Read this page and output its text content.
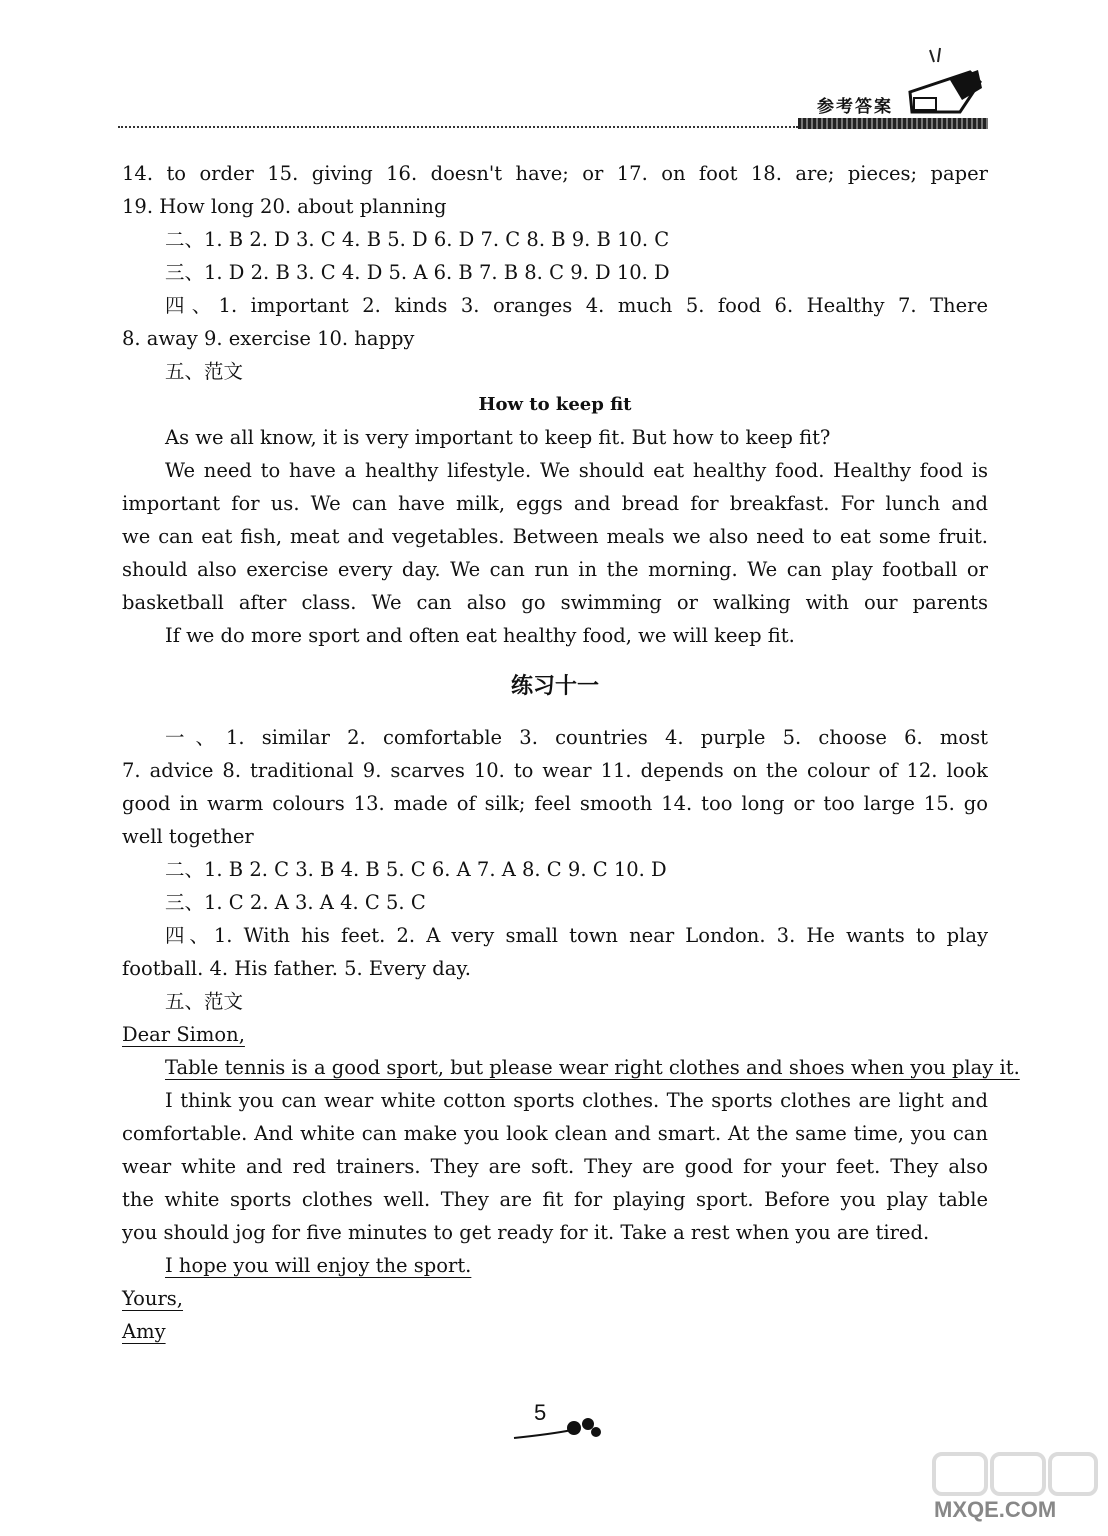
参考答案
14. to order 15. giving 16. doesn't have; or 17. on foot 18. are; pieces; paper
19. How long 20. about planning
二、1. B 2. D 3. C 4. B 5. D 6. D 7. C 8. B 9. B 10. C
三、1. D 2. B 3. C 4. D 5. A 6. B 7. B 8. C 9. D 10. D
四、1. important 2. kinds 3. oranges 4. much 5. food 6. Healthy 7. There
8. away 9. exercise 10. happy
五、范文
How to keep fit
As we all know, it is very important to keep fit. But how to keep fit?
We need to have a healthy lifestyle. We should eat healthy food. Healthy food is
important for us. We can have milk, eggs and bread for breakfast. For lunch and
we can eat fish, meat and vegetables. Between meals we also need to eat some fruit.
should also exercise every day. We can run in the morning. We can play football or
basketball after class. We can also go swimming or walking with our parents
If we do more sport and often eat healthy food, we will keep fit.
练习十一
一、1. similar 2. comfortable 3. countries 4. purple 5. choose 6. most
7. advice 8. traditional 9. scarves 10. to wear 11. depends on the colour of 12. look
good in warm colours 13. made of silk; feel smooth 14. too long or too large 15. go
well together
二、1. B 2. C 3. B 4. B 5. C 6. A 7. A 8. C 9. C 10. D
三、1. C 2. A 3. A 4. C 5. C
四、1. With his feet. 2. A very small town near London. 3. He wants to play
football. 4. His father. 5. Every day.
五、范文
Dear Simon,
Table tennis is a good sport, but please wear right clothes and shoes when you play it.
I think you can wear white cotton sports clothes. The sports clothes are light and
comfortable. And white can make you look clean and smart. At the same time, you can
wear white and red trainers. They are soft. They are good for your feet. They also
the white sports clothes well. They are fit for playing sport. Before you play table
you should jog for five minutes to get ready for it. Take a rest when you are tired.
I hope you will enjoy the sport.
Yours,
Amy
5
MXQE.COM
